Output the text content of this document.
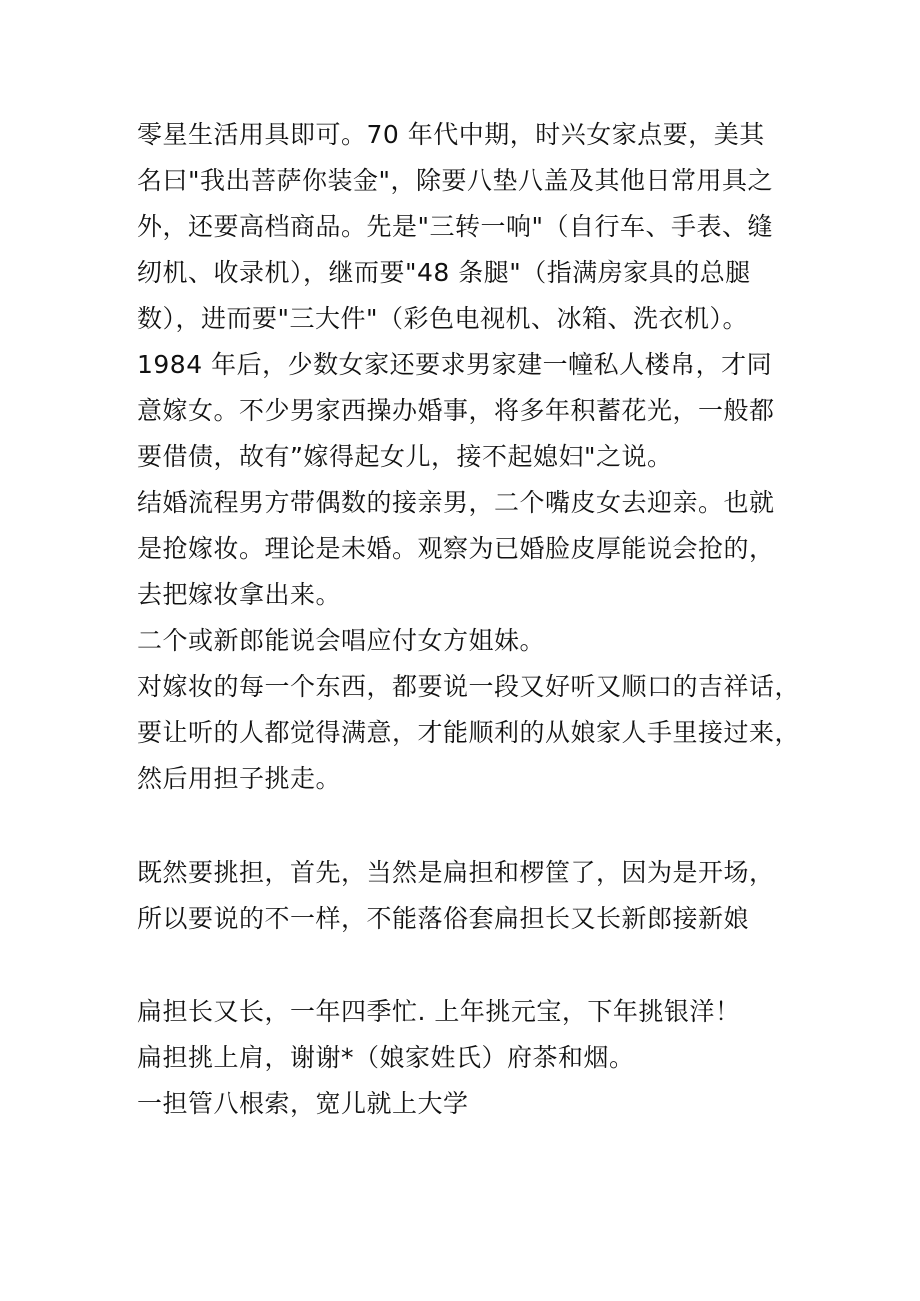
零星生活用具即可。70 年代中期，时兴女家点要，美其
名曰"我出菩萨你装金"，除要八垫八盖及其他日常用具之
外，还要高档商品。先是"三转一响"（自行车、手表、缝
纫机、收录机），继而要"48 条腿"（指满房家具的总腿
数），进而要"三大件"（彩色电视机、冰箱、洗衣机）。
1984 年后，少数女家还要求男家建一幢私人楼帛，才同
意嫁女。不少男家西操办婚事，将多年积蓄花光，一般都
要借债，故有”嫁得起女儿，接不起媳妇"之说。
结婚流程男方带偶数的接亲男，二个嘴皮女去迎亲。也就
是抢嫁妆。理论是未婚。观察为已婚脸皮厚能说会抢的，
去把嫁妆拿出来。
二个或新郎能说会唱应付女方姐妹。
对嫁妆的每一个东西，都要说一段又好听又顺口的吉祥话，
要让听的人都觉得满意，才能顺利的从娘家人手里接过来，
然后用担子挑走。
既然要挑担，首先，当然是扁担和椤筐了，因为是开场，
所以要说的不一样，不能落俗套扁担长又长新郎接新娘
扁担长又长，一年四季忙. 上年挑元宝，下年挑银洋！
扁担挑上肩，谢谢*（娘家姓氏）府茶和烟。
一担管八根索，宽儿就上大学
